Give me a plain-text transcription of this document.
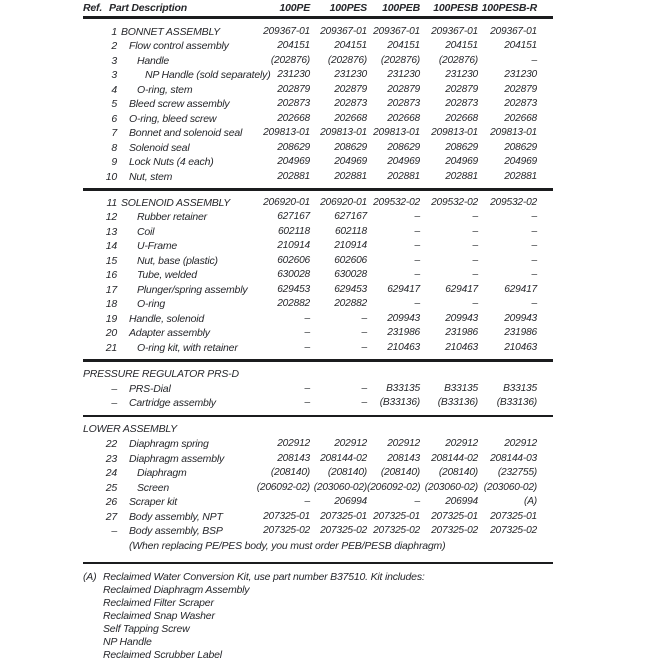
Ref. Part Description	100PE	100PES	100PEB	100PESB 100PESB-R
1 BONNET ASSEMBLY	209367-01 209367-01 209367-01	209367-01	209367-01
2	Flow control assembly	204151	204151	204151	204151	204151
3	Handle	(202876)	(202876)	(202876)	(202876)	–
3	NP Handle (sold separately) 231230	231230	231230	231230	231230
4	O-ring, stem	202879	202879	202879	202879	202879
5	Bleed screw assembly	202873	202873	202873	202873	202873
6	O-ring, bleed screw	202668	202668	202668	202668	202668
7	Bonnet and solenoid seal	209813-01 209813-01 209813-01	209813-01	209813-01
8	Solenoid seal	208629	208629	208629	208629	208629
9	Lock Nuts (4 each)	204969	204969	204969	204969	204969
10	Nut, stem	202881	202881	202881	202881	202881
11 SOLENOID ASSEMBLY	206920-01 206920-01 209532-02	209532-02	209532-02
12	Rubber retainer	627167	627167	–	–	–
13	Coil	602118	602118	–	–	–
14	U-Frame	210914	210914	–	–	–
15	Nut, base (plastic)	602606	602606	–	–	–
16	Tube, welded	630028	630028	–	–	–
17	Plunger/spring assembly	629453	629453	629417	629417	629417
18	O-ring	202882	202882	–	–	–
19	Handle, solenoid	–	–	209943	209943	209943
20	Adapter assembly	–	–	231986	231986	231986
21	O-ring kit, with retainer	–	–	210463	210463	210463
PRESSURE REGULATOR PRS-D
–	PRS-Dial	–	–	B33135	B33135	B33135
–	Cartridge assembly	–	–	(B33136)	(B33136)	(B33136)
LOWER ASSEMBLY
22	Diaphragm spring	202912	202912	202912	202912	202912
23	Diaphragm assembly	208143 208144-02	208143	208144-02	208144-03
24	Diaphragm	(208140)	(208140)	(208140)	(208140)	(232755)
25	Screen	(206092-02) (203060-02) (206092-02) (203060-02) (203060-02)
26	Scraper kit	–	206994	–	206994	(A)
27	Body assembly, NPT	207325-01 207325-01 207325-01	207325-01	207325-01
–	Body assembly, BSP	207325-02 207325-02 207325-02	207325-02	207325-02
(When replacing PE/PES body, you must order PEB/PESB diaphragm)
(A) Reclaimed Water Conversion Kit, use part number B37510. Kit includes:
Reclaimed Diaphragm Assembly
Reclaimed Filter Scraper
Reclaimed Snap Washer
Self Tapping Screw
NP Handle
Reclaimed Scrubber Label
